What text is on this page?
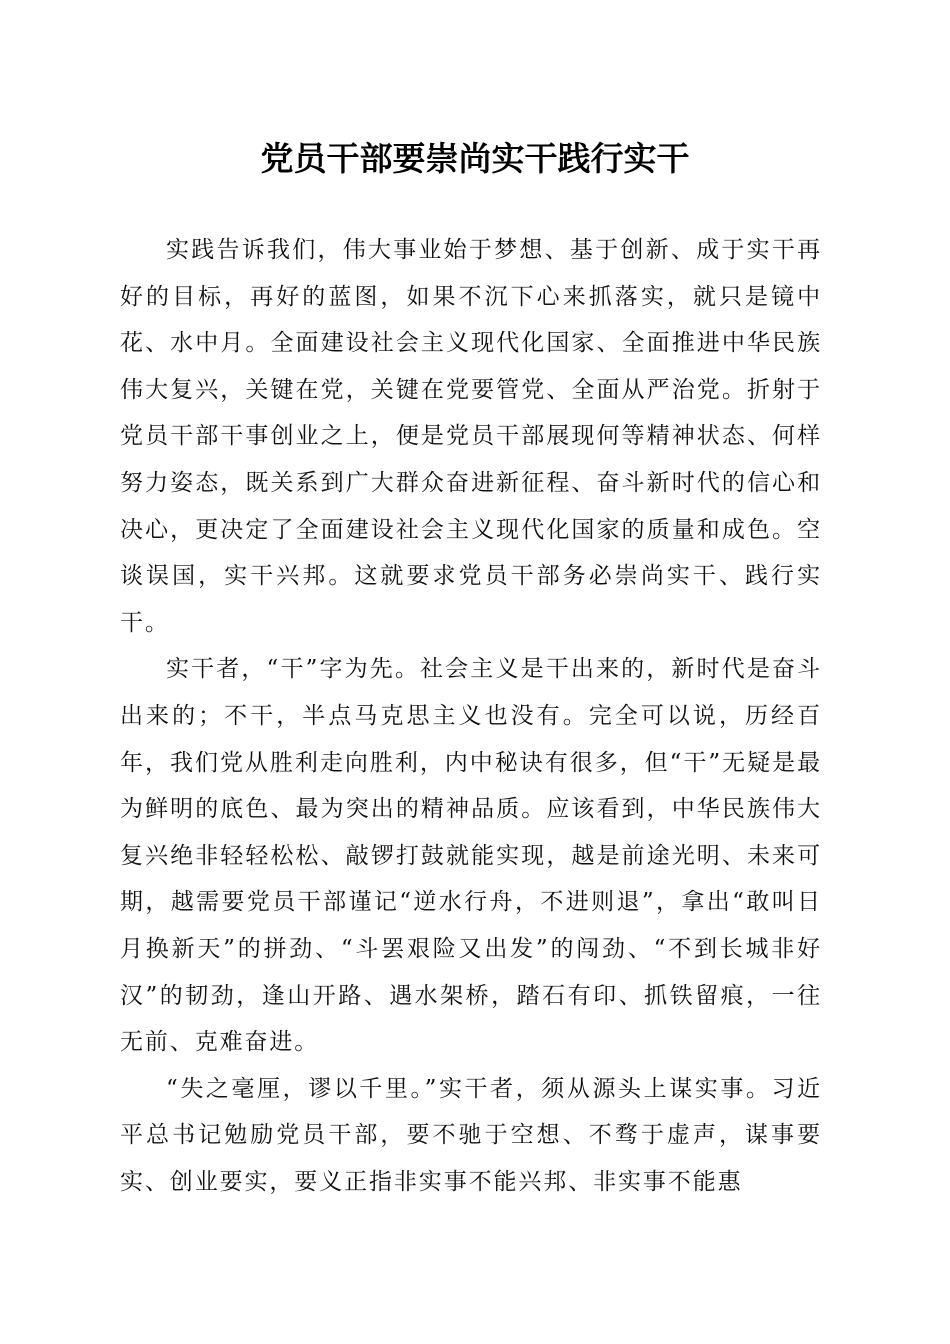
党员干部要崇尚实干践行实干

实践告诉我们，伟大事业始于梦想、基于创新、成于实干再好的目标，再好的蓝图，如果不沉下心来抓落实，就只是镜中花、水中月。全面建设社会主义现代化国家、全面推进中华民族伟大复兴，关键在党，关键在党要管党、全面从严治党。折射于党员干部干事创业之上，便是党员干部展现何等精神状态、何样努力姿态，既关系到广大群众奋进新征程、奋斗新时代的信心和决心，更决定了全面建设社会主义现代化国家的质量和成色。空谈误国，实干兴邦。这就要求党员干部务必崇尚实干、践行实干。

实干者，“干”字为先。社会主义是干出来的，新时代是奋斗出来的；不干，半点马克思主义也没有。完全可以说，历经百年，我们党从胜利走向胜利，内中秘诀有很多，但“干”无疑是最为鲜明的底色、最为突出的精神品质。应该看到，中华民族伟大复兴绝非轻轻松松、敲锣打鼓就能实现，越是前途光明、未来可期，越需要党员干部谨记“逆水行舟，不进则退”，拿出“敢叫日月换新天”的拼劲、“斗罢艰险又出发”的闯劲、“不到长城非好汉”的韧劲，逢山开路、遇水架桥，踏石有印、抓铁留痕，一往无前、克难奋进。

“失之毫厘，谬以千里。”实干者，须从源头上谋实事。习近平总书记勉励党员干部，要不驰于空想、不骛于虚声，谋事要实、创业要实，要义正指非实事不能兴邦、非实事不能惠
